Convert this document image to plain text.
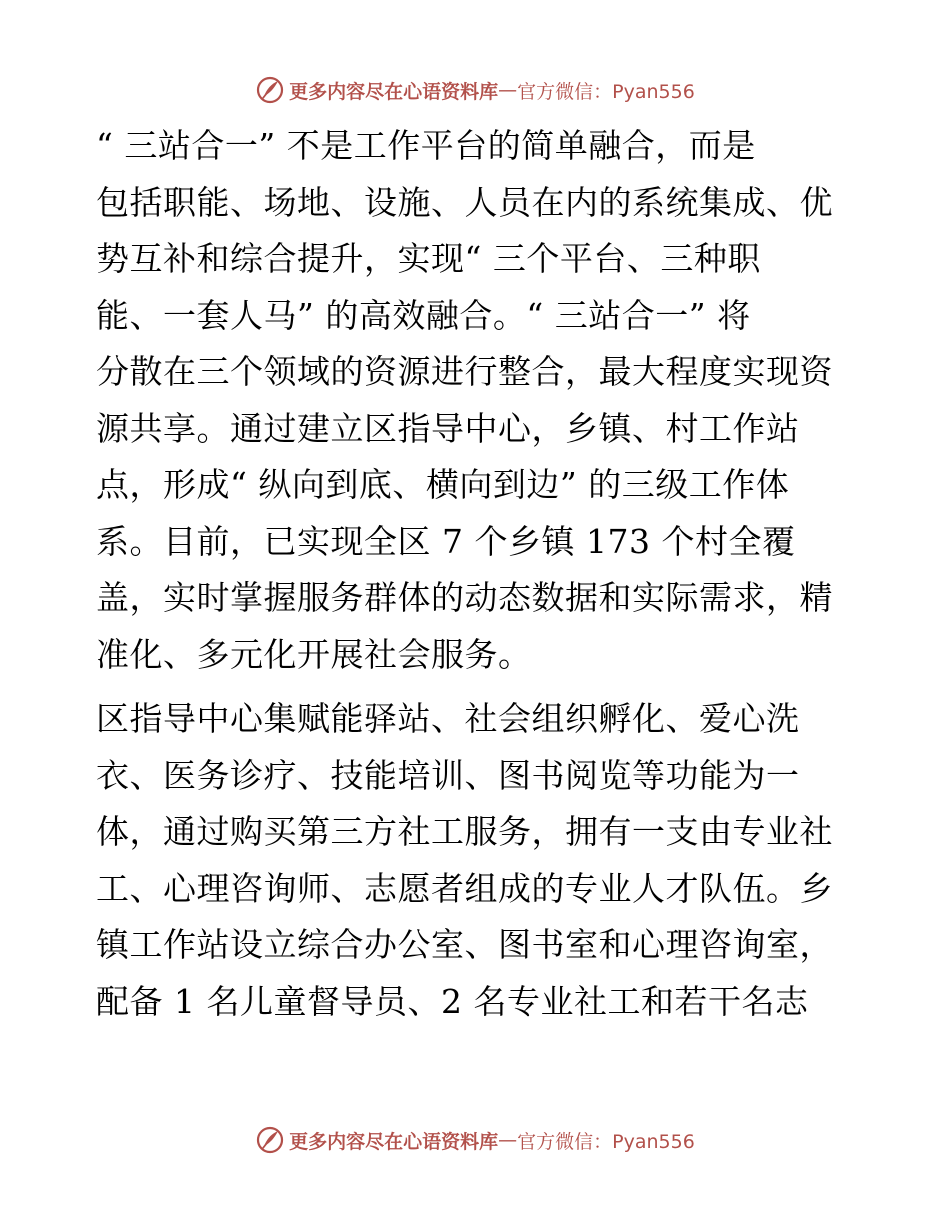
更多内容尽在心语资料库 — 官方微信：Pyan556

“ 三站合一” 不是工作平台的简单融合，而是
包括职能、场地、设施、人员在内的系统集成、优
势互补和综合提升，实现“ 三个平台、三种职
能、一套人马” 的高效融合。“ 三站合一” 将
分散在三个领域的资源进行整合，最大程度实现资
源共享。通过建立区指导中心，乡镇、村工作站
点，形成“ 纵向到底、横向到边” 的三级工作体
系。目前，已实现全区 7 个乡镇 173 个村全覆
盖，实时掌握服务群体的动态数据和实际需求，精
准化、多元化开展社会服务。

区指导中心集赋能驿站、社会组织孵化、爱心洗
衣、医务诊疗、技能培训、图书阅览等功能为一
体，通过购买第三方社工服务，拥有一支由专业社
工、心理咨询师、志愿者组成的专业人才队伍。乡
镇工作站设立综合办公室、图书室和心理咨询室，
配备 1 名儿童督导员、2 名专业社工和若干名志

更多内容尽在心语资料库 — 官方微信：Pyan556
